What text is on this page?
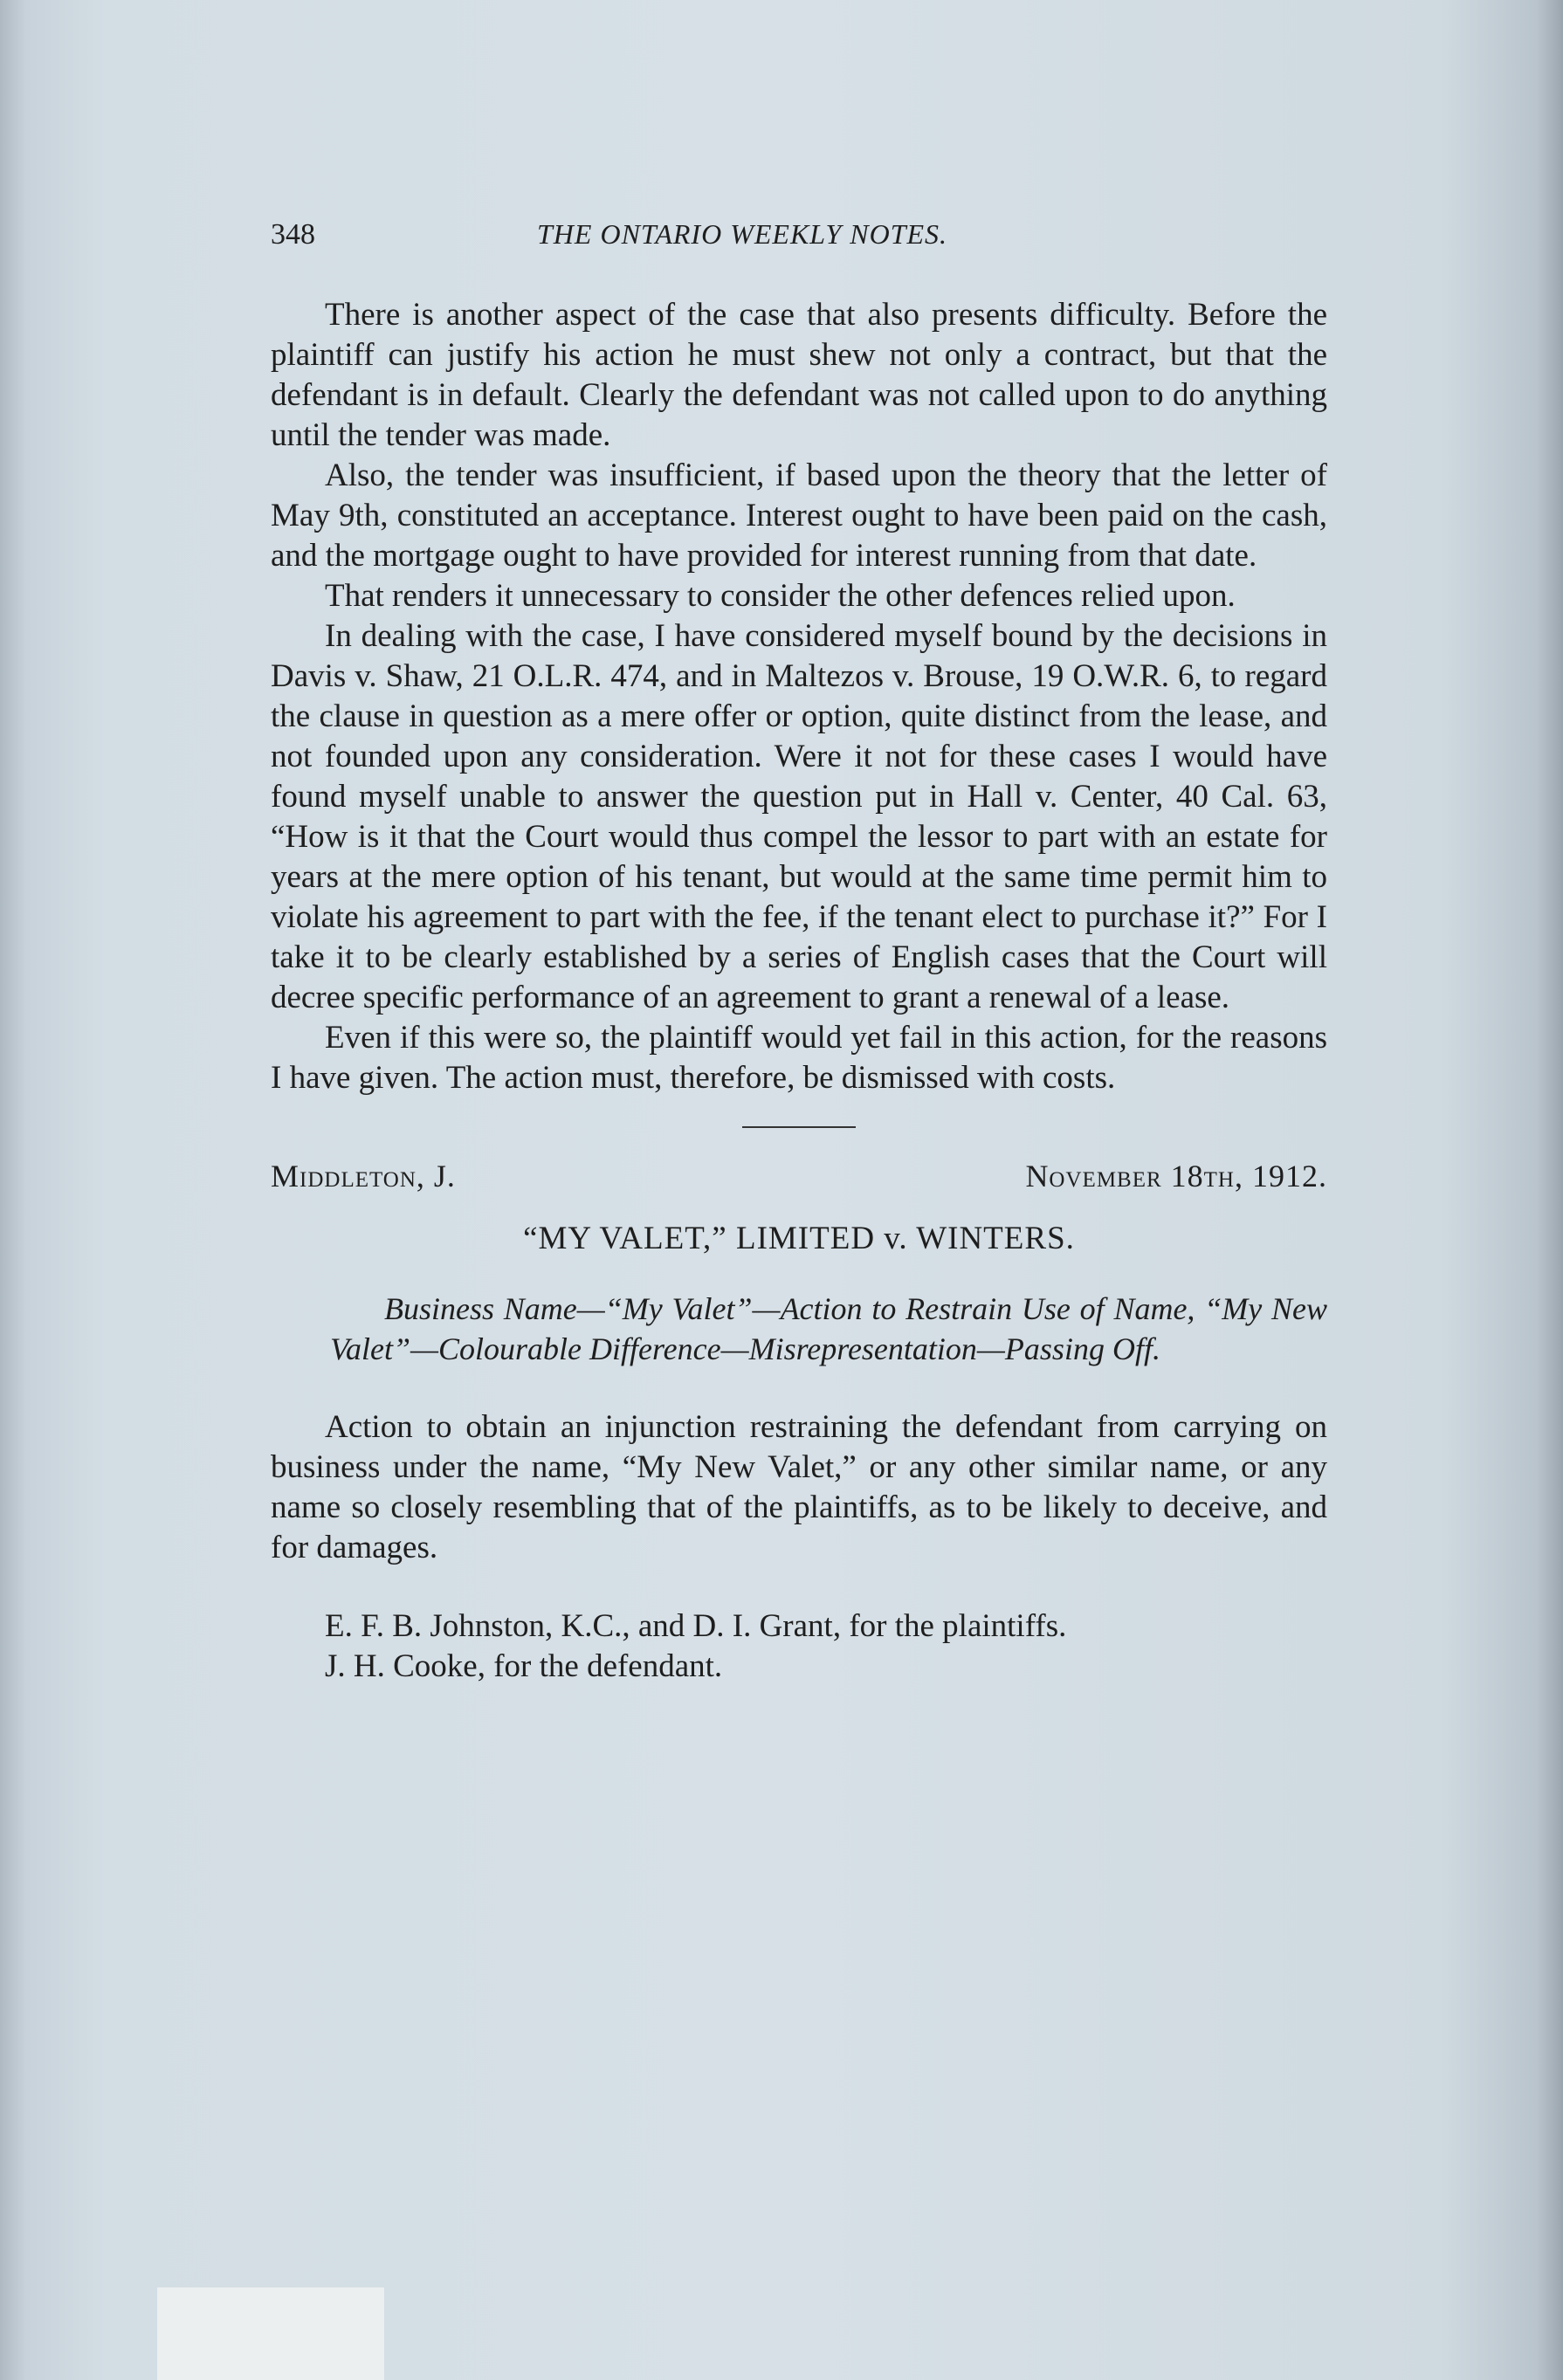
348	THE ONTARIO WEEKLY NOTES.

There is another aspect of the case that also presents difficulty. Before the plaintiff can justify his action he must shew not only a contract, but that the defendant is in default. Clearly the defendant was not called upon to do anything until the tender was made.

Also, the tender was insufficient, if based upon the theory that the letter of May 9th, constituted an acceptance. Interest ought to have been paid on the cash, and the mortgage ought to have provided for interest running from that date.

That renders it unnecessary to consider the other defences relied upon.

In dealing with the case, I have considered myself bound by the decisions in Davis v. Shaw, 21 O.L.R. 474, and in Maltezos v. Brouse, 19 O.W.R. 6, to regard the clause in question as a mere offer or option, quite distinct from the lease, and not founded upon any consideration. Were it not for these cases I would have found myself unable to answer the question put in Hall v. Center, 40 Cal. 63, “How is it that the Court would thus compel the lessor to part with an estate for years at the mere option of his tenant, but would at the same time permit him to violate his agreement to part with the fee, if the tenant elect to purchase it?” For I take it to be clearly established by a series of English cases that the Court will decree specific performance of an agreement to grant a renewal of a lease.

Even if this were so, the plaintiff would yet fail in this action, for the reasons I have given. The action must, therefore, be dismissed with costs.

Middleton, J.	November 18th, 1912.
“MY VALET,” LIMITED v. WINTERS.

Business Name—“My Valet”—Action to Restrain Use of Name, “My New Valet”—Colourable Difference—Misrepresentation—Passing Off.

Action to obtain an injunction restraining the defendant from carrying on business under the name, “My New Valet,” or any other similar name, or any name so closely resembling that of the plaintiffs, as to be likely to deceive, and for damages.

E. F. B. Johnston, K.C., and D. I. Grant, for the plaintiffs.

J. H. Cooke, for the defendant.
